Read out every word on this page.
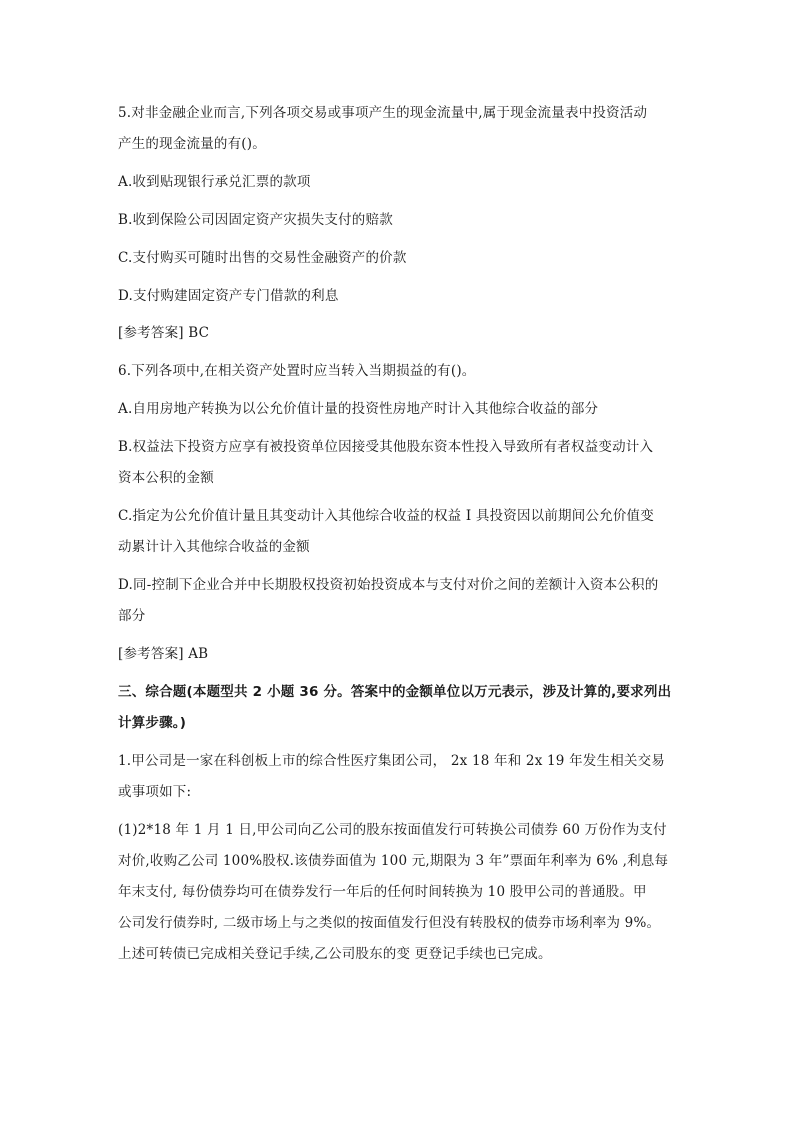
5.对非金融企业而言,下列各项交易或事项产生的现金流量中,属于现金流量表中投资活动
产生的现金流量的有()。
A.收到贴现银行承兑汇票的款项
B.收到保险公司因固定资产灾损失支付的赔款
C.支付购买可随时出售的交易性金融资产的价款
D.支付购建固定资产专门借款的利息
[参考答案] BC
6.下列各项中,在相关资产处置时应当转入当期损益的有()。
A.自用房地产转换为以公允价值计量的投资性房地产时计入其他综合收益的部分
B.权益法下投资方应享有被投资单位因接受其他股东资本性投入导致所有者权益变动计入
资本公积的金额
C.指定为公允价值计量且其变动计入其他综合收益的权益 I 具投资因以前期间公允价值变
动累计计入其他综合收益的金额
D.同-控制下企业合并中长期股权投资初始投资成本与支付对价之间的差额计入资本公积的
部分
[参考答案] AB
三、综合题(本题型共 2 小题 36 分。答案中的金额单位以万元表示，涉及计算的,要求列出
计算步骤。)
1.甲公司是一家在科创板上市的综合性医疗集团公司， 2x 18 年和 2x 19 年发生相关交易
或事项如下:
(1)2*18 年 1 月 1 日,甲公司向乙公司的股东按面值发行可转换公司债券 60 万份作为支付
对价,收购乙公司 100%股权.该债券面值为 100 元,期限为 3 年”票面年利率为 6% ,利息每
年末支付, 每份债券均可在债券发行一年后的任何时间转换为 10 股甲公司的普通股。甲
公司发行债券时, 二级市场上与之类似的按面值发行但没有转股权的债券市场利率为 9%。
上述可转债已完成相关登记手续,乙公司股东的变 更登记手续也已完成。
